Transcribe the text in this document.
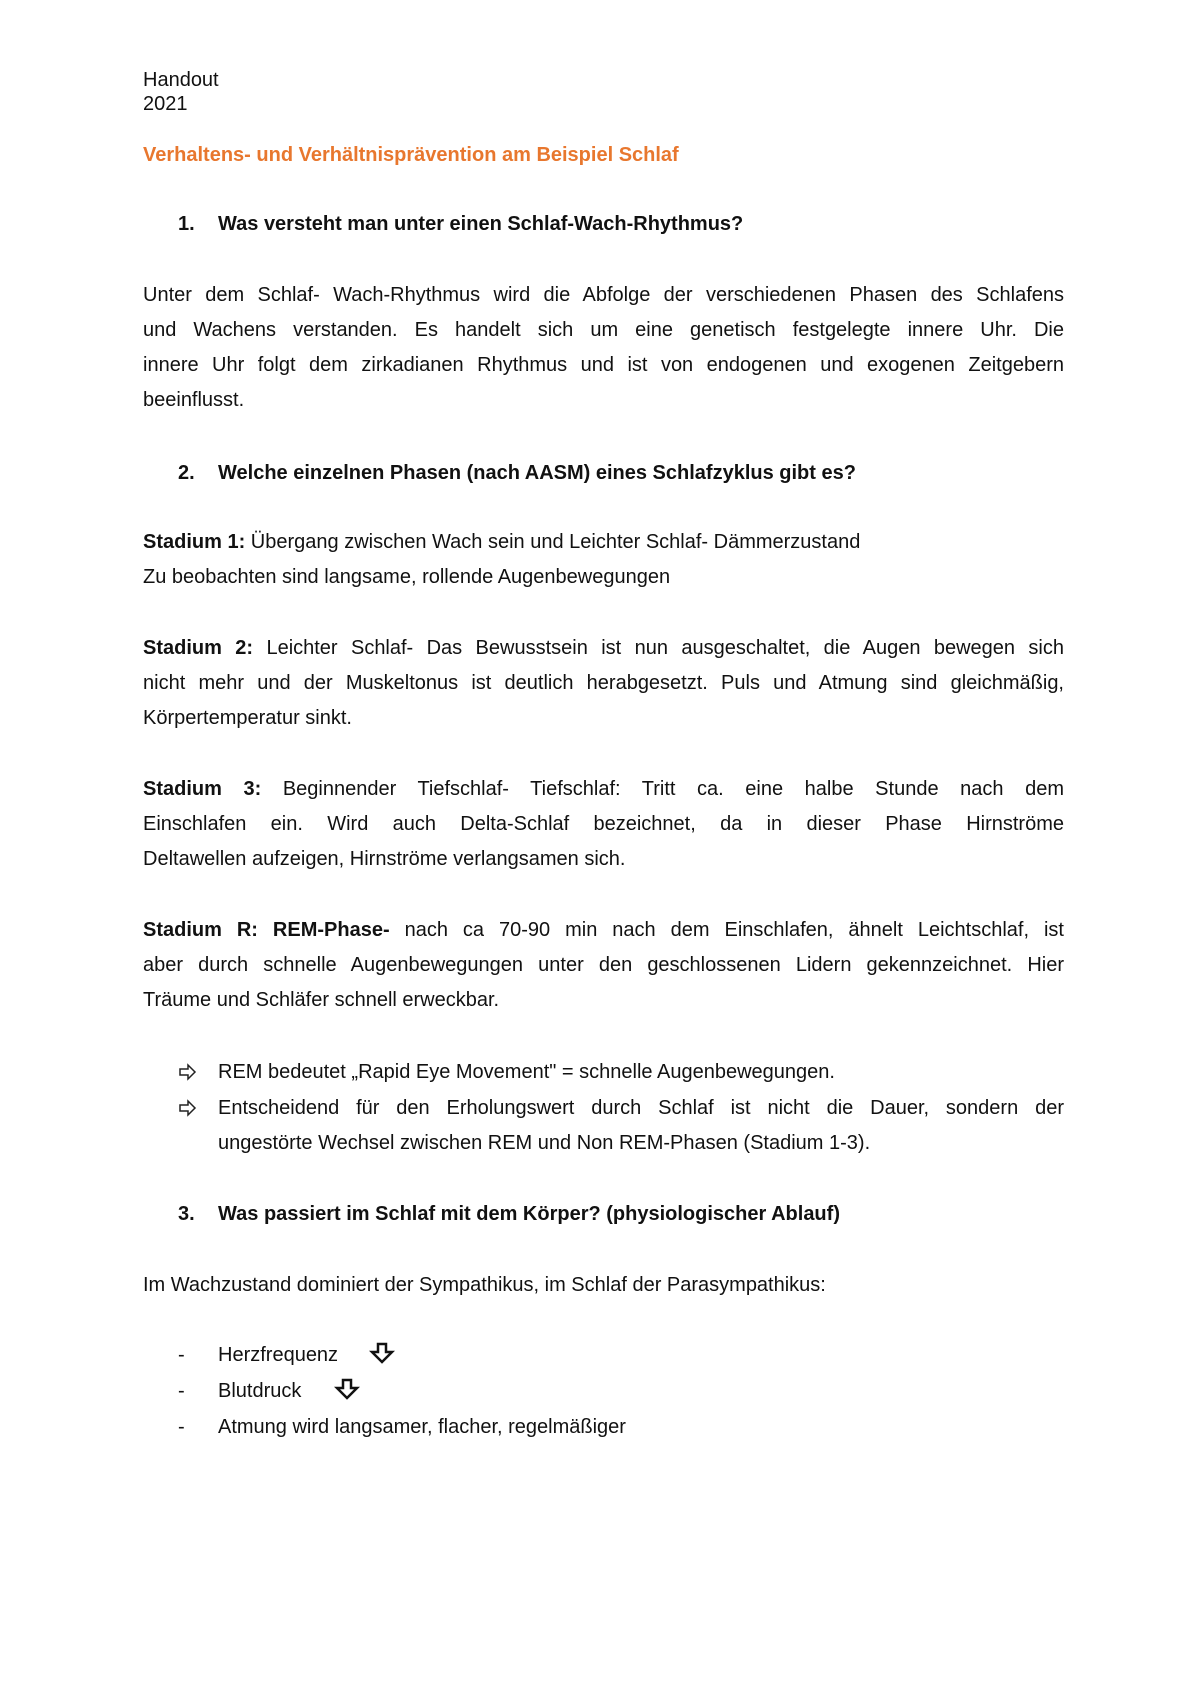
Handout
2021
Verhaltens- und Verhältnisprävention am Beispiel Schlaf
1. Was versteht man unter einen Schlaf-Wach-Rhythmus?
Unter dem Schlaf- Wach-Rhythmus wird die Abfolge der verschiedenen Phasen des Schlafens
und Wachens verstanden. Es handelt sich um eine genetisch festgelegte innere Uhr. Die
innere Uhr folgt dem zirkadianen Rhythmus und ist von endogenen und exogenen Zeitgebern
beeinflusst.
2. Welche einzelnen Phasen (nach AASM) eines Schlafzyklus gibt es?
Stadium 1: Übergang zwischen Wach sein und Leichter Schlaf- Dämmerzustand
Zu beobachten sind langsame, rollende Augenbewegungen
Stadium 2: Leichter Schlaf- Das Bewusstsein ist nun ausgeschaltet, die Augen bewegen sich
nicht mehr und der Muskeltonus ist deutlich herabgesetzt. Puls und Atmung sind gleichmäßig,
Körpertemperatur sinkt.
Stadium 3: Beginnender Tiefschlaf- Tiefschlaf: Tritt ca. eine halbe Stunde nach dem
Einschlafen ein. Wird auch Delta-Schlaf bezeichnet, da in dieser Phase Hirnströme
Deltawellen aufzeigen, Hirnströme verlangsamen sich.
Stadium R: REM-Phase- nach ca 70-90 min nach dem Einschlafen, ähnelt Leichtschlaf, ist
aber durch schnelle Augenbewegungen unter den geschlossenen Lidern gekennzeichnet. Hier
Träume und Schläfer schnell erweckbar.
REM bedeutet „Rapid Eye Movement" = schnelle Augenbewegungen.
Entscheidend für den Erholungswert durch Schlaf ist nicht die Dauer, sondern der
ungestörte Wechsel zwischen REM und Non REM-Phasen (Stadium 1-3).
3. Was passiert im Schlaf mit dem Körper? (physiologischer Ablauf)
Im Wachzustand dominiert der Sympathikus, im Schlaf der Parasympathikus:
- Herzfrequenz
- Blutdruck
- Atmung wird langsamer, flacher, regelmäßiger
